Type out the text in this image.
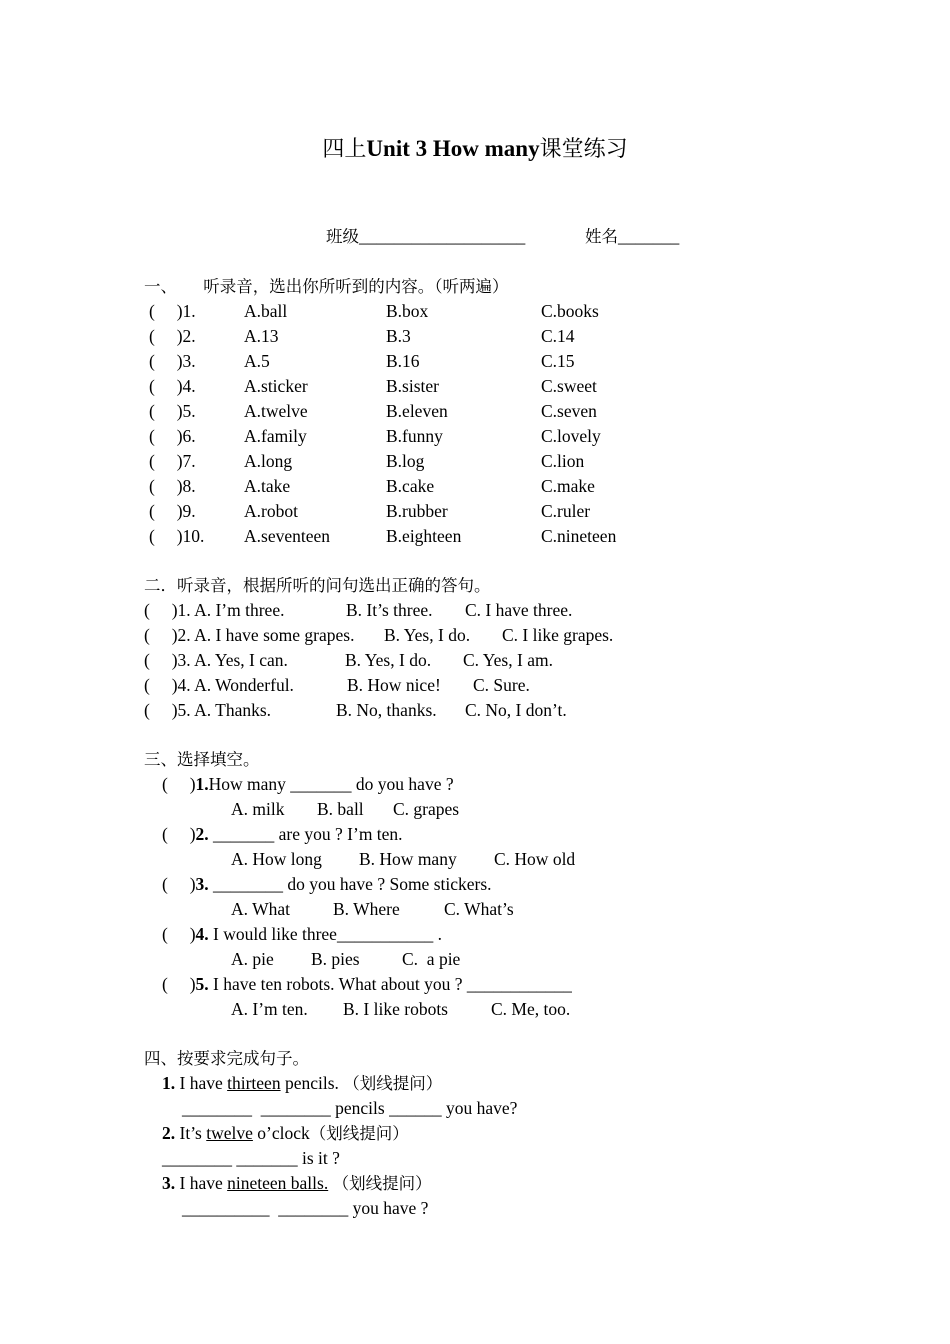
四上Unit 3 How many课堂练习
班级___________________	姓名_______
一、     听录音，选出你所听到的内容。（听两遍）
(     )1.	A.ball	B.box	C.books
(     )2.	A.13	B.3	C.14
(     )3.	A.5	B.16	C.15
(     )4.	A.sticker	B.sister	C.sweet
(     )5.	A.twelve	B.eleven	C.seven
(     )6.	A.family	B.funny	C.lovely
(     )7.	A.long	B.log	C.lion
(     )8.	A.take	B.cake	C.make
(     )9.	A.robot	B.rubber	C.ruler
(     )10. A.seventeen	B.eighteen	C.nineteen
二．听录音，根据所听的问句选出正确的答句。
(     )1. A. I’m three.	B. It’s three. C. I have three.
(     )2. A. I have some grapes. B. Yes, I do. C. I like grapes.
(     )3. A. Yes, I can.	B. Yes, I do. C. Yes, I am.
(     )4. A. Wonderful.	B. How nice! C. Sure.
(     )5. A. Thanks.	B. No, thanks. C. No, I don’t.
三、选择填空。
(     )1.How many _______ do you have ?
A. milk B. ball C. grapes
(     )2. _______ are you ? I’m ten.
A. How long B. How many C. How old
(     )3. ________ do you have ? Some stickers.
A. What B. Where	C. What’s
(     )4. I would like three___________ .
A. pie B. pies C.  a pie
(     )5. I have ten robots. What about you ? ____________
A. I’m ten. B. I like robots C. Me, too.
四、按要求完成句子。
1. I have thirteen pencils. （划线提问）
________  ________ pencils ______ you have?
2. It’s twelve o’clock（划线提问）
________ _______ is it ?
3. I have nineteen balls. （划线提问）
__________  ________ you have ?
